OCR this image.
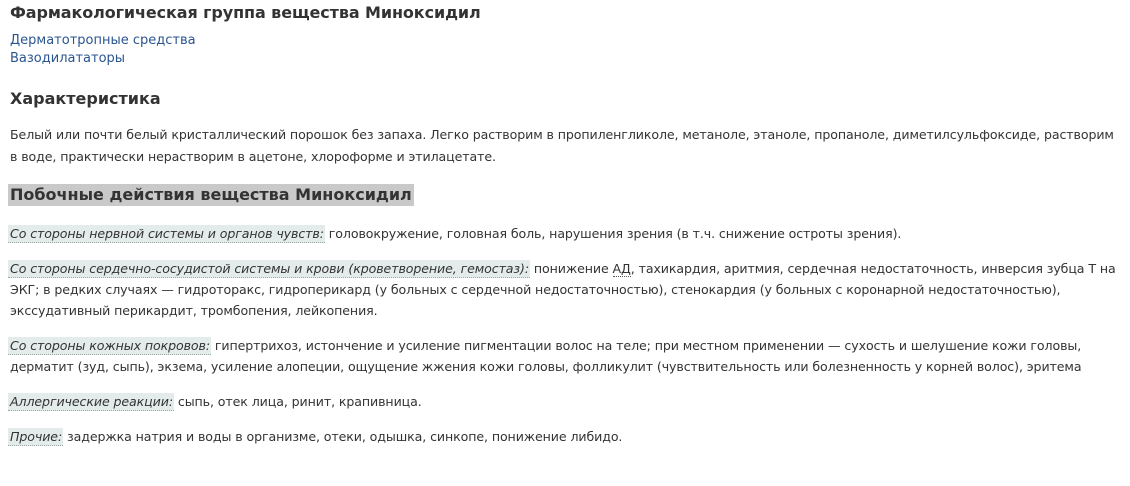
Фармакологическая группа вещества Миноксидил
Дерматотропные средства
Вазодилататоры
Характеристика
Белый или почти белый кристаллический порошок без запаха. Легко растворим в пропиленгликоле, метаноле, этаноле, пропаноле, диметилсульфоксиде, растворим в воде, практически нерастворим в ацетоне, хлороформе и этилацетате.
Побочные действия вещества Миноксидил
Со стороны нервной системы и органов чувств: головокружение, головная боль, нарушения зрения (в т.ч. снижение остроты зрения).
Со стороны сердечно-сосудистой системы и крови (кроветворение, гемостаз): понижение АД, тахикардия, аритмия, сердечная недостаточность, инверсия зубца T на ЭКГ; в редких случаях — гидроторакс, гидроперикард (у больных с сердечной недостаточностью), стенокардия (у больных с коронарной недостаточностью), экссудативный перикардит, тромбопения, лейкопения.
Со стороны кожных покровов: гипертрихоз, истончение и усиление пигментации волос на теле; при местном применении — сухость и шелушение кожи головы, дерматит (зуд, сыпь), экзема, усиление алопеции, ощущение жжения кожи головы, фолликулит (чувствительность или болезненность у корней волос), эритема
Аллергические реакции: сыпь, отек лица, ринит, крапивница.
Прочие: задержка натрия и воды в организме, отеки, одышка, синкопе, понижение либидо.
